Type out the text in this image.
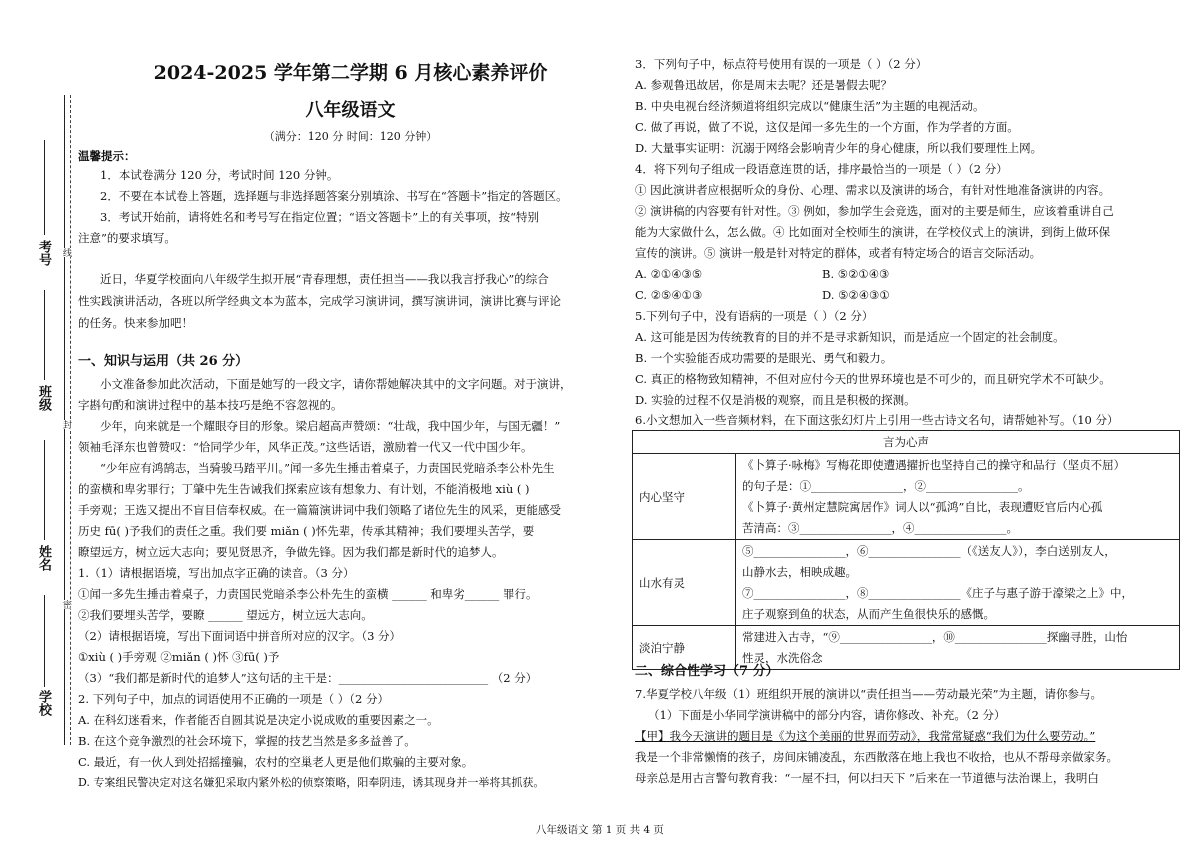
线
封
密
考号
班级
姓名
学校
2024-2025 学年第二学期 6 月核心素养评价
八年级语文
（满分：120 分 时间：120 分钟）
温馨提示：
1．本试卷满分 120 分，考试时间 120 分钟。
2．不要在本试卷上答题，选择题与非选择题答案分别填涂、书写在“答题卡”指定的答题区。
3．考试开始前，请将姓名和考号写在指定位置；“语文答题卡”上的有关事项，按“特别
注意”的要求填写。
近日，华夏学校面向八年级学生拟开展“青春理想，责任担当——我以我言抒我心”的综合
性实践演讲活动，各班以所学经典文本为蓝本，完成学习演讲词，撰写演讲词，演讲比赛与评论
的任务。快来参加吧！
一、知识与运用（共 26 分）
小文准备参加此次活动，下面是她写的一段文字，请你帮她解决其中的文字问题。对于演讲，
字斟句酌和演讲过程中的基本技巧是绝不容忽视的。
少年，向来就是一个耀眼夺目的形象。梁启超高声赞颂：“壮哉，我中国少年，与国无疆！”
领袖毛泽东也曾赞叹：“恰同学少年，风华正茂。”这些话语，激励着一代又一代中国少年。
“少年应有鸿鹄志，当骑骏马踏平川。”闻一多先生捶击着桌子，力责国民党暗杀李公朴先生
的蛮横和卑劣罪行；丁肇中先生告诫我们探索应该有想象力、有计划，不能消极地 xiù ( )
手旁观；王选又提出不盲目信奉权威。在一篇篇演讲词中我们领略了诸位先生的风采，更能感受
历史 fū( )予我们的责任之重。我们要 miǎn ( )怀先辈，传承其精神；我们要埋头苦学，要
瞭望远方，树立远大志向；要见贤思齐，争做先锋。因为我们都是新时代的追梦人。
1.（1）请根据语境，写出加点字正确的读音。（3 分）
①闻一多先生捶击着桌子，力责国民党暗杀李公朴先生的蛮横 ______ 和卑劣______ 罪行。
②我们要埋头苦学，要瞭 ______ 望远方，树立远大志向。
（2）请根据语境，写出下面词语中拼音所对应的汉字。（3 分）
①xiù ( )手旁观 ②miǎn ( )怀 ③fū( )予
（3）“我们都是新时代的追梦人”这句话的主干是：__________________________ （2 分）
2. 下列句子中，加点的词语使用不正确的一项是（ ）（2 分）
A. 在科幻迷看来，作者能否自圆其说是决定小说成败的重要因素之一。
B. 在这个竞争激烈的社会环境下，掌握的技艺当然是多多益善了。
C. 最近，有一伙人到处招摇撞骗，农村的空巢老人更是他们欺骗的主要对象。
D. 专案组民警决定对这名嫌犯采取内紧外松的侦察策略，阳奉阴违，诱其现身并一举将其抓获。
3．下列句子中，标点符号使用有误的一项是（ ）（2 分）
A. 参观鲁迅故居，你是周末去呢？还是暑假去呢？
B. 中央电视台经济频道将组织完成以“健康生活”为主题的电视活动。
C. 做了再说，做了不说，这仅是闻一多先生的一个方面，作为学者的方面。
D. 大量事实证明：沉溺于网络会影响青少年的身心健康，所以我们要理性上网。
4．将下列句子组成一段语意连贯的话，排序最恰当的一项是（ ）（2 分）
① 因此演讲者应根据听众的身份、心理、需求以及演讲的场合，有针对性地准备演讲的内容。
② 演讲稿的内容要有针对性。③ 例如，参加学生会竞选，面对的主要是师生，应该着重讲自己
能为大家做什么，怎么做。④ 比如面对全校师生的演讲，在学校仪式上的演讲，到街上做环保
宣传的演讲。⑤ 演讲一般是针对特定的群体，或者有特定场合的语言交际活动。
A. ②①④③⑤	B. ⑤②①④③
C. ②⑤④①③	D. ⑤②④③①
5.下列句子中，没有语病的一项是（ ）（2 分）
A. 这可能是因为传统教育的目的并不是寻求新知识，而是适应一个固定的社会制度。
B. 一个实验能否成功需要的是眼光、勇气和毅力。
C. 真正的格物致知精神，不但对应付今天的世界环境也是不可少的，而且研究学术不可缺少。
D. 实验的过程不仅是消极的观察，而且是积极的探测。
6.小文想加入一些音频材料，在下面这张幻灯片上引用一些古诗文名句，请帮她补写。（10 分）
言为心声	
内心坚守	《卜算子·咏梅》写梅花即使遭遇擢折也坚持自己的操守和品行（坚贞不屈）
的句子是：①________________，②________________。
《卜算子·黄州定慧院寓居作》词人以“孤鸿”自比，表现遭贬官后内心孤
苦清高：③________________，④________________。

山水有灵	⑤________________，⑥________________（《送友人》），李白送别友人，
山静水去，相映成趣。
⑦________________，⑧________________《庄子与惠子游于濠梁之上》中，
庄子观察到鱼的状态，从而产生鱼很快乐的感慨。

淡泊宁静	常建进入古寺，“⑨________________，⑩________________探幽寻胜，山怡
性灵，水洗俗念
二、综合性学习（7 分）
7.华夏学校八年级（1）班组织开展的演讲以“责任担当——劳动最光荣”为主题，请你参与。
（1）下面是小华同学演讲稿中的部分内容，请你修改、补充。（2 分）
【甲】我今天演讲的题目是《为这个美丽的世界而劳动》，我常常疑惑“我们为什么要劳动。”
我是一个非常懒惰的孩子，房间床铺凌乱，东西散落在地上我也不收拾，也从不帮母亲做家务。
母亲总是用古言警句教育我：“一屋不扫，何以扫天下 ”后来在一节道德与法治课上，我明白
八年级语文 第 1 页 共 4 页
